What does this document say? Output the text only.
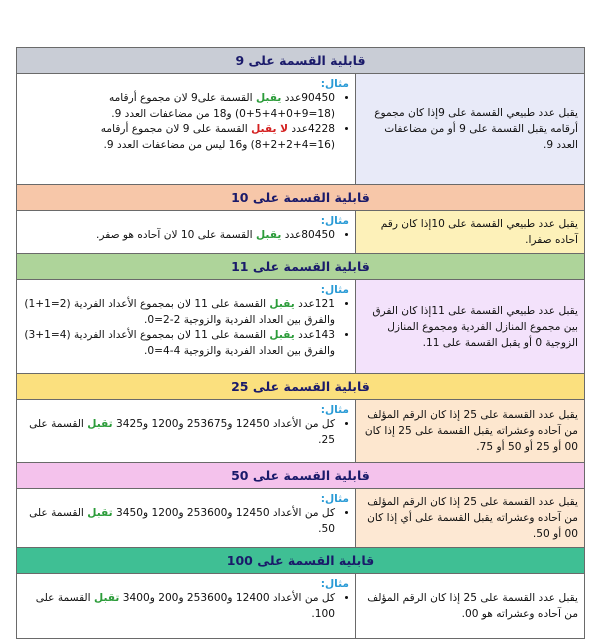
قابلية القسمة على 9
يقبل عدد طبيعي القسمة على 9إذا كان مجموع أرقامه يقبل القسمة على 9 أو من مضاعفات العدد 9.
مثال:
• 90450عدد يقبل القسمة على9 لان مجموع أرقامه (18=9+0+4+5+0) و18 من مضاعفات العدد 9.
• 4228عدد لا يقبل القسمة على 9 لان مجموع أرقامه (16=4+2+2+8) و16 ليس من مضاعفات العدد 9.
قابلية القسمة على 10
يقبل عدد طبيعي القسمة على 10إذا كان رقم آحاده صفرا.
مثال:
• 80450عدد يقبل القسمة على 10 لان آحاده هو صفر.
قابلية القسمة على 11
يقبل عدد طبيعي القسمة على 11إذا كان الفرق بين مجموع المنازل الفردية ومجموع المنازل الزوجية 0 أو يقبل القسمة على 11.
مثال:
• 121عدد يقبل القسمة على 11 لان بمجموع الأعداد الفردية (2=1+1) والفرق بين العداد الفردية والزوجية 2-2=0.
• 143عدد يقبل القسمة على 11 لان بمجموع الأعداد الفردية (4=1+3) والفرق بين العداد الفردية والزوجية 4-4=0.
قابلية القسمة على 25
يقبل عدد القسمة على 25 إذا كان الرقم المؤلف من آحاده وعشراته يقبل القسمة على 25 إذا كان 00 أو 25 أو 50 أو 75.
مثال:
• كل من الأعداد 12450 و253675 و1200 و3425 تقبل القسمة على 25.
قابلية القسمة على 50
يقبل عدد القسمة على 25 إذا كان الرقم المؤلف من آحاده وعشراته يقبل القسمة على أي إذا كان 00 أو 50.
مثال:
• كل من الأعداد 12450 و253600 و1200 و3450 تقبل القسمة على 50.
قابلية القسمة على 100
يقبل عدد القسمة على 25 إذا كان الرقم المؤلف من آحاده وعشراته هو 00.
مثال:
• كل من الأعداد 12400 و253600 و200 و3400 تقبل القسمة على 100.
